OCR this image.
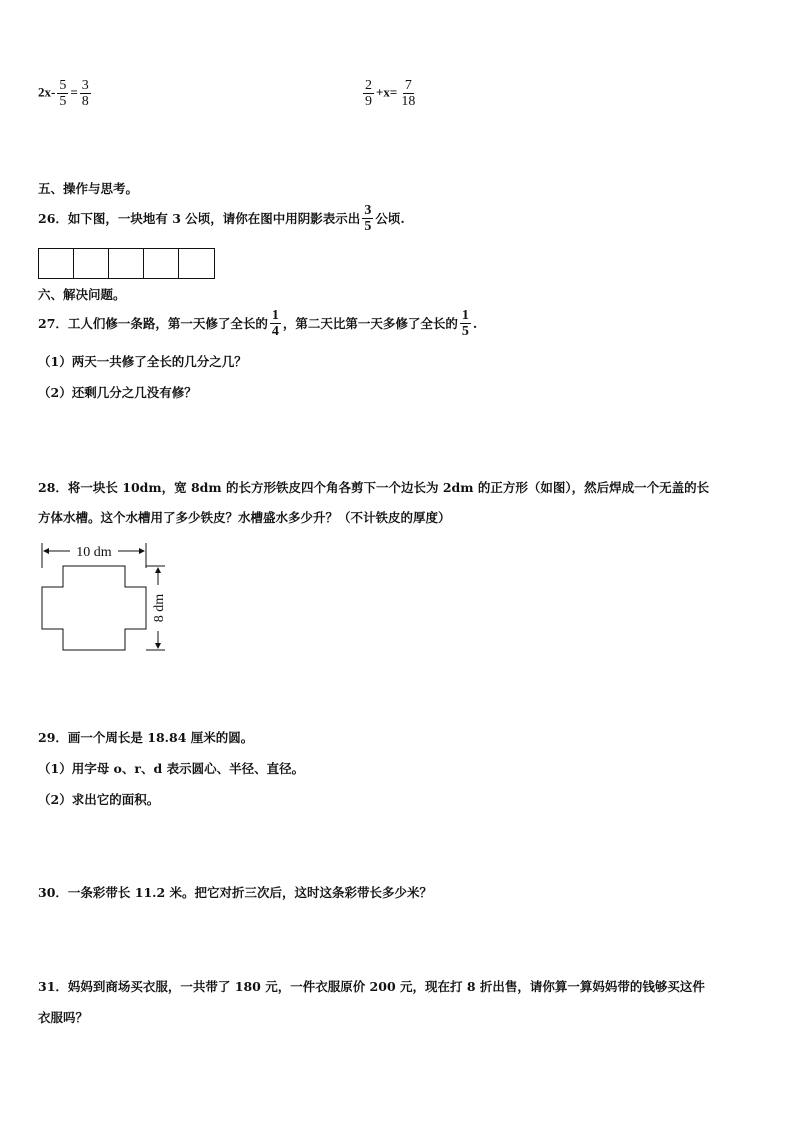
$2x- \frac{5}{5} = \frac{3}{8}$	$\frac{2}{9} +x= \frac{7}{18}$
五、操作与思考。
26．如下图，一块地有 3 公顷，请你在图中用阴影表示出 $\frac{3}{5}$ 公顷.
六、解决问题。
27．工人们修一条路，第一天修了全长的 $\frac{1}{4}$ ，第二天比第一天多修了全长的 $\frac{1}{5}$ .
（1）两天一共修了全长的几分之几？
（2）还剩几分之几没有修？
28．将一块长 10dm，宽 8dm 的长方形铁皮四个角各剪下一个边长为 2dm 的正方形（如图），然后焊成一个无盖的长
方体水槽。这个水槽用了多少铁皮？水槽盛水多少升？（不计铁皮的厚度）
10 dm
8 dm
29．画一个周长是 18.84 厘米的圆。
（1）用字母 o、r、d 表示圆心、半径、直径。
（2）求出它的面积。
30．一条彩带长 11.2 米。把它对折三次后，这时这条彩带长多少米？
31．妈妈到商场买衣服，一共带了 180 元，一件衣服原价 200 元，现在打 8 折出售，请你算一算妈妈带的钱够买这件
衣服吗？
